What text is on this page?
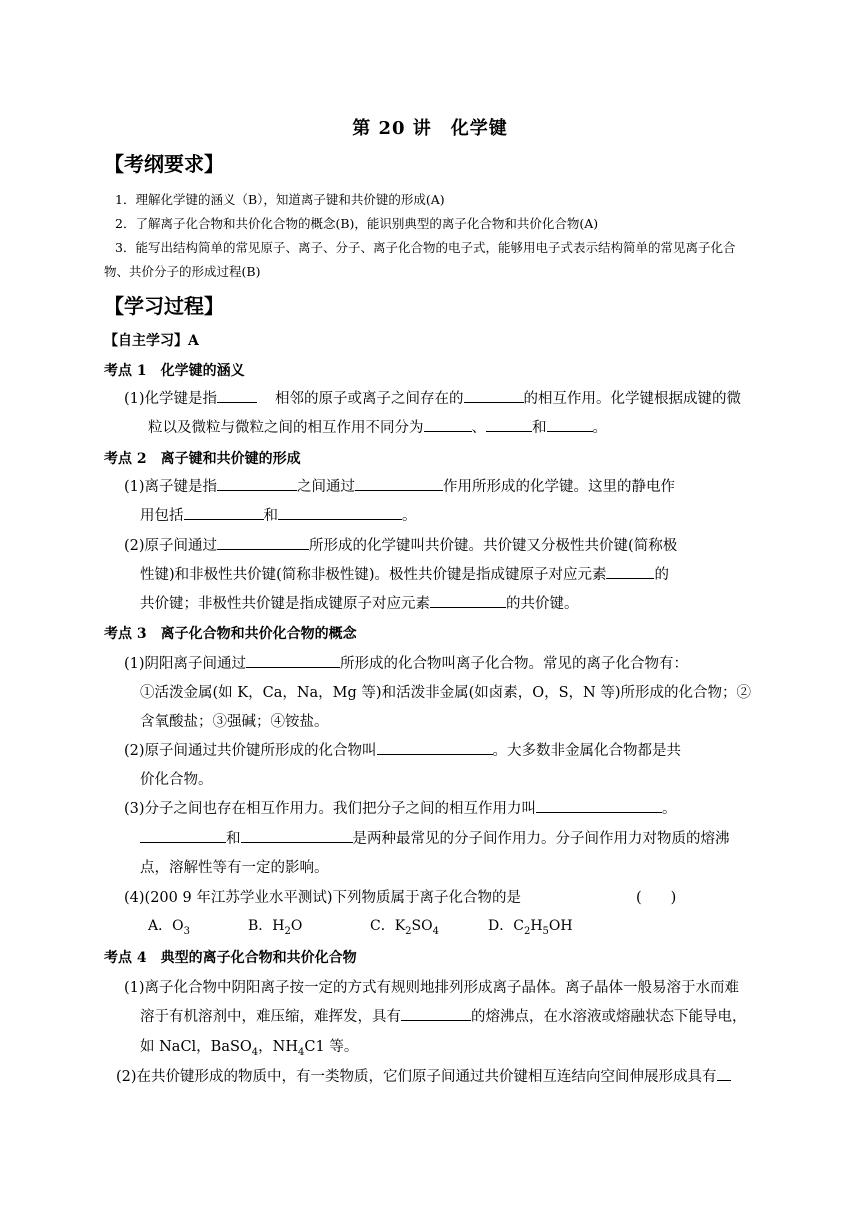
第 20 讲　化学键
【考纲要求】
1．理解化学键的涵义（B），知道离子键和共价键的形成(A)
2．了解离子化合物和共价化合物的概念(B)，能识别典型的离子化合物和共价化合物(A)
3．能写出结构简单的常见原子、离子、分子、离子化合物的电子式，能够用电子式表示结构简单的常见离子化合
物、共价分子的形成过程(B)
【学习过程】
【自主学习】A
考点 1　化学键的涵义
(1)化学键是指	相邻的原子或离子之间存在的	的相互作用。化学键根据成键的微
粒以及微粒与微粒之间的相互作用不同分为	、	和	。
考点 2　离子键和共价键的形成
(1)离子键是指	之间通过	作用所形成的化学键。这里的静电作
用包括	和	。
(2)原子间通过	所形成的化学键叫共价键。共价键又分极性共价键(简称极
性键)和非极性共价键(简称非极性键)。极性共价键是指成键原子对应元素	的
共价键；非极性共价键是指成键原子对应元素	的共价键。
考点 3　离子化合物和共价化合物的概念
(1)阴阳离子间通过	所形成的化合物叫离子化合物。常见的离子化合物有：
①活泼金属(如 K，Ca，Na，Mg 等)和活泼非金属(如卤素，O，S，N 等)所形成的化合物；②
含氧酸盐；③强碱；④铵盐。
(2)原子间通过共价键所形成的化合物叫	。大多数非金属化合物都是共
价化合物。
(3)分子之间也存在相互作用力。我们把分子之间的相互作用力叫	。
和	是两种最常见的分子间作用力。分子间作用力对物质的熔沸
点，溶解性等有一定的影响。
(4)(200 9 年江苏学业水平测试)下列物质属于离子化合物的是	(　　)
A．$O_3$	B．$H_2O$	C．$K_2SO_4$	D．$C_2H_5OH$
考点 4　典型的离子化合物和共价化合物
(1)离子化合物中阴阳离子按一定的方式有规则地排列形成离子晶体。离子晶体一般易溶于水而难
溶于有机溶剂中，难压缩，难挥发，具有	的熔沸点，在水溶液或熔融状态下能导电，
如 NaCl，BaSO$_4$，$NH_4C1$ 等。
(2)在共价键形成的物质中，有一类物质，它们原子间通过共价键相互连结向空间伸展形成具有
